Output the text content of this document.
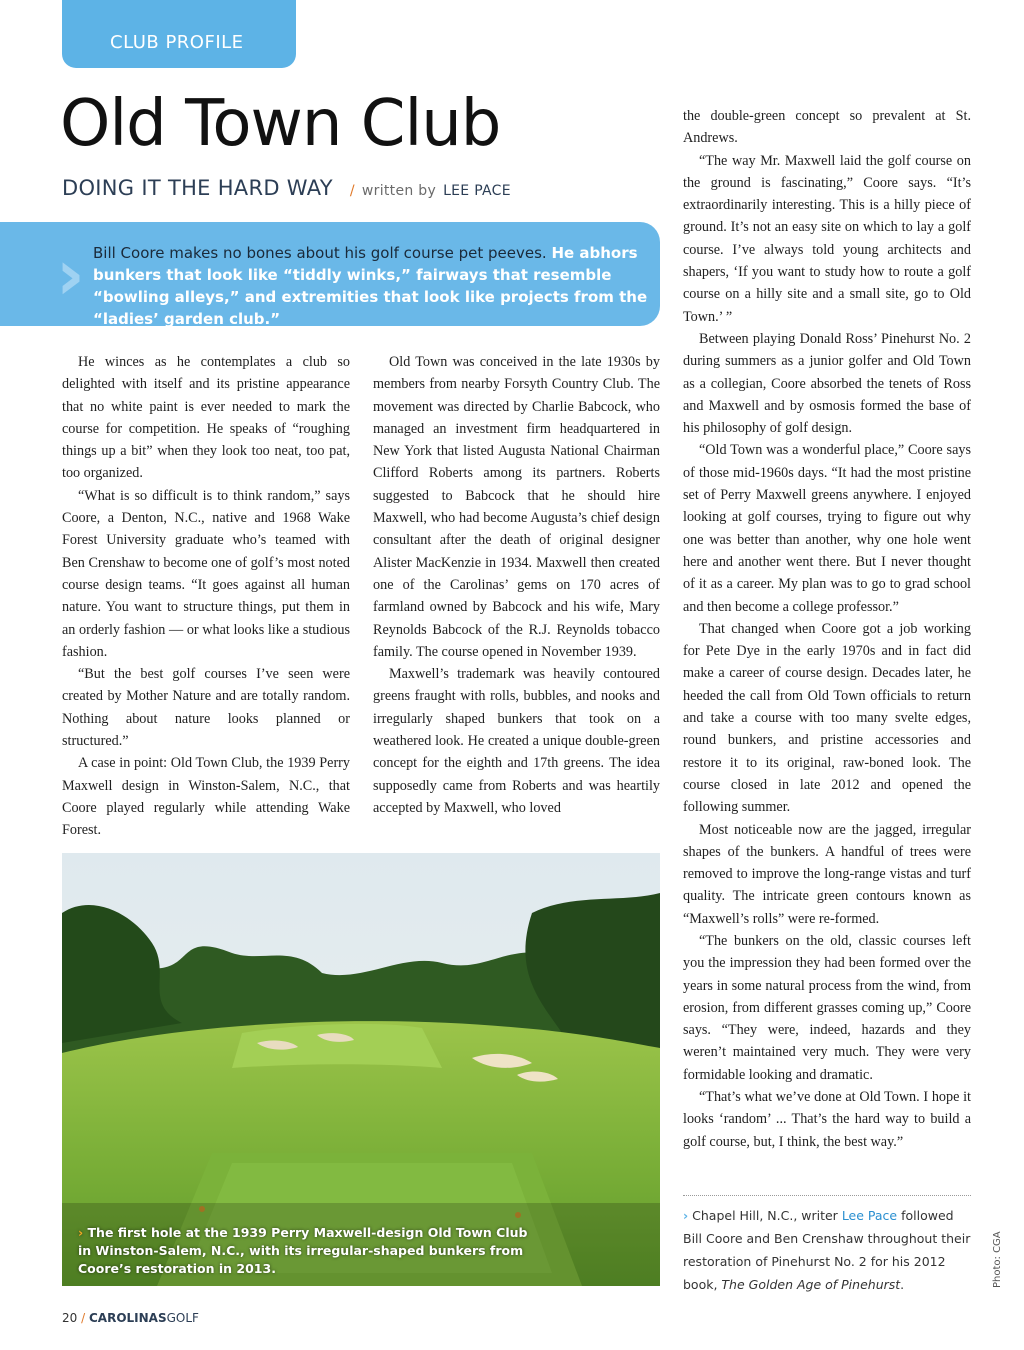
CLUB PROFILE
Old Town Club
DOING IT THE HARD WAY / written by LEE PACE
› Bill Coore makes no bones about his golf course pet peeves. He abhors bunkers that look like “tiddly winks,” fairways that resemble “bowling alleys,” and extremities that look like projects from the “ladies’ garden club.”

He winces as he contemplates a club so delighted with itself and its pristine appearance that no white paint is ever needed to mark the course for competition. He speaks of “roughing things up a bit” when they look too neat, too pat, too organized.

“What is so difficult is to think random,” says Coore, a Denton, N.C., native and 1968 Wake Forest University graduate who’s teamed with Ben Crenshaw to become one of golf’s most noted course design teams. “It goes against all human nature. You want to structure things, put them in an orderly fashion — or what looks like a studious fashion.

“But the best golf courses I’ve seen were created by Mother Nature and are totally random. Nothing about nature looks planned or structured.”

A case in point: Old Town Club, the 1939 Perry Maxwell design in Winston-Salem, N.C., that Coore played regularly while attending Wake Forest.

Old Town was conceived in the late 1930s by members from nearby Forsyth Country Club. The movement was directed by Charlie Babcock, who managed an investment firm headquartered in New York that listed Augusta National Chairman Clifford Roberts among its partners. Roberts suggested to Babcock that he should hire Maxwell, who had become Augusta’s chief design consultant after the death of original designer Alister MacKenzie in 1934. Maxwell then created one of the Carolinas’ gems on 170 acres of farmland owned by Babcock and his wife, Mary Reynolds Babcock of the R.J. Reynolds tobacco family. The course opened in November 1939.

Maxwell’s trademark was heavily contoured greens fraught with rolls, bubbles, and nooks and irregularly shaped bunkers that took on a weathered look. He created a unique double-green concept for the eighth and 17th greens. The idea supposedly came from Roberts and was heartily accepted by Maxwell, who loved

the double-green concept so prevalent at St. Andrews.

“The way Mr. Maxwell laid the golf course on the ground is fascinating,” Coore says. “It’s extraordinarily interesting. This is a hilly piece of ground. It’s not an easy site on which to lay a golf course. I’ve always told young architects and shapers, ‘If you want to study how to route a golf course on a hilly site and a small site, go to Old Town.’ ”

Between playing Donald Ross’ Pinehurst No. 2 during summers as a junior golfer and Old Town as a collegian, Coore absorbed the tenets of Ross and Maxwell and by osmosis formed the base of his philosophy of golf design.

“Old Town was a wonderful place,” Coore says of those mid-1960s days. “It had the most pristine set of Perry Maxwell greens anywhere. I enjoyed looking at golf courses, trying to figure out why one was better than another, why one hole went here and another went there. But I never thought of it as a career. My plan was to go to grad school and then become a college professor.”

That changed when Coore got a job working for Pete Dye in the early 1970s and in fact did make a career of course design. Decades later, he heeded the call from Old Town officials to return and take a course with too many svelte edges, round bunkers, and pristine accessories and restore it to its original, raw-boned look. The course closed in late 2012 and opened the following summer.

Most noticeable now are the jagged, irregular shapes of the bunkers. A handful of trees were removed to improve the long-range vistas and turf quality. The intricate green contours known as “Maxwell’s rolls” were re-formed.

“The bunkers on the old, classic courses left you the impression they had been formed over the years in some natural process from the wind, from erosion, from different grasses coming up,” Coore says. “They were, indeed, hazards and they weren’t maintained very much. They were very formidable looking and dramatic.

“That’s what we’ve done at Old Town. I hope it looks ‘random’ ... That’s the hard way to build a golf course, but, I think, the best way.”

› The first hole at the 1939 Perry Maxwell-design Old Town Club in Winston-Salem, N.C., with its irregular-shaped bunkers from Coore’s restoration in 2013.
› Chapel Hill, N.C., writer Lee Pace followed Bill Coore and Ben Crenshaw throughout their restoration of Pinehurst No. 2 for his 2012 book, The Golden Age of Pinehurst.	Photo: CGA
20 / CAROLINASGOLF
